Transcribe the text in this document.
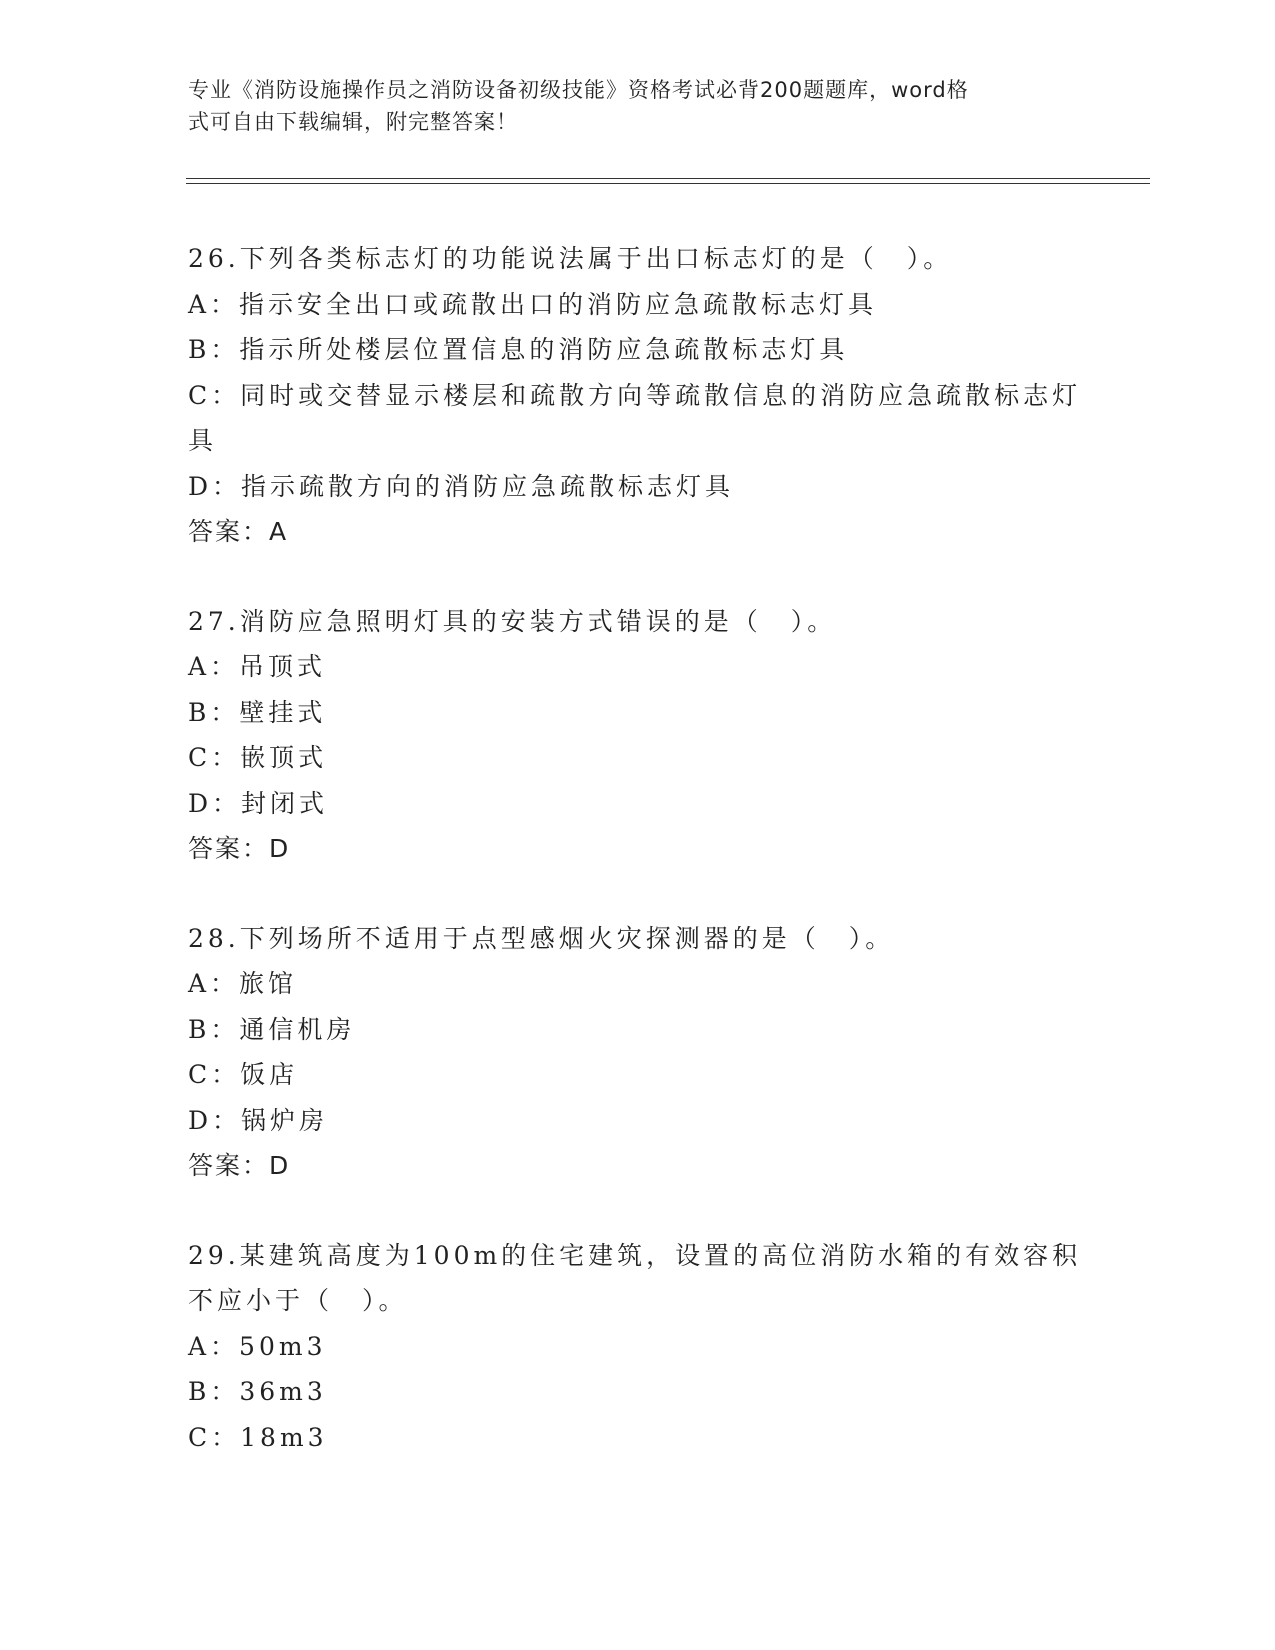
专业《消防设施操作员之消防设备初级技能》资格考试必背200题题库，word格
式可自由下载编辑，附完整答案！

26.下列各类标志灯的功能说法属于出口标志灯的是（　）。

A：指示安全出口或疏散出口的消防应急疏散标志灯具

B：指示所处楼层位置信息的消防应急疏散标志灯具

C：同时或交替显示楼层和疏散方向等疏散信息的消防应急疏散标志灯

具

D：指示疏散方向的消防应急疏散标志灯具

答案：A

27.消防应急照明灯具的安装方式错误的是（　）。

A：吊顶式

B：壁挂式

C：嵌顶式

D：封闭式

答案：D

28.下列场所不适用于点型感烟火灾探测器的是（　）。

A：旅馆

B：通信机房

C：饭店

D：锅炉房

答案：D

29.某建筑高度为100m的住宅建筑，设置的高位消防水箱的有效容积

不应小于（　）。

A：50m3

B：36m3

C：18m3
